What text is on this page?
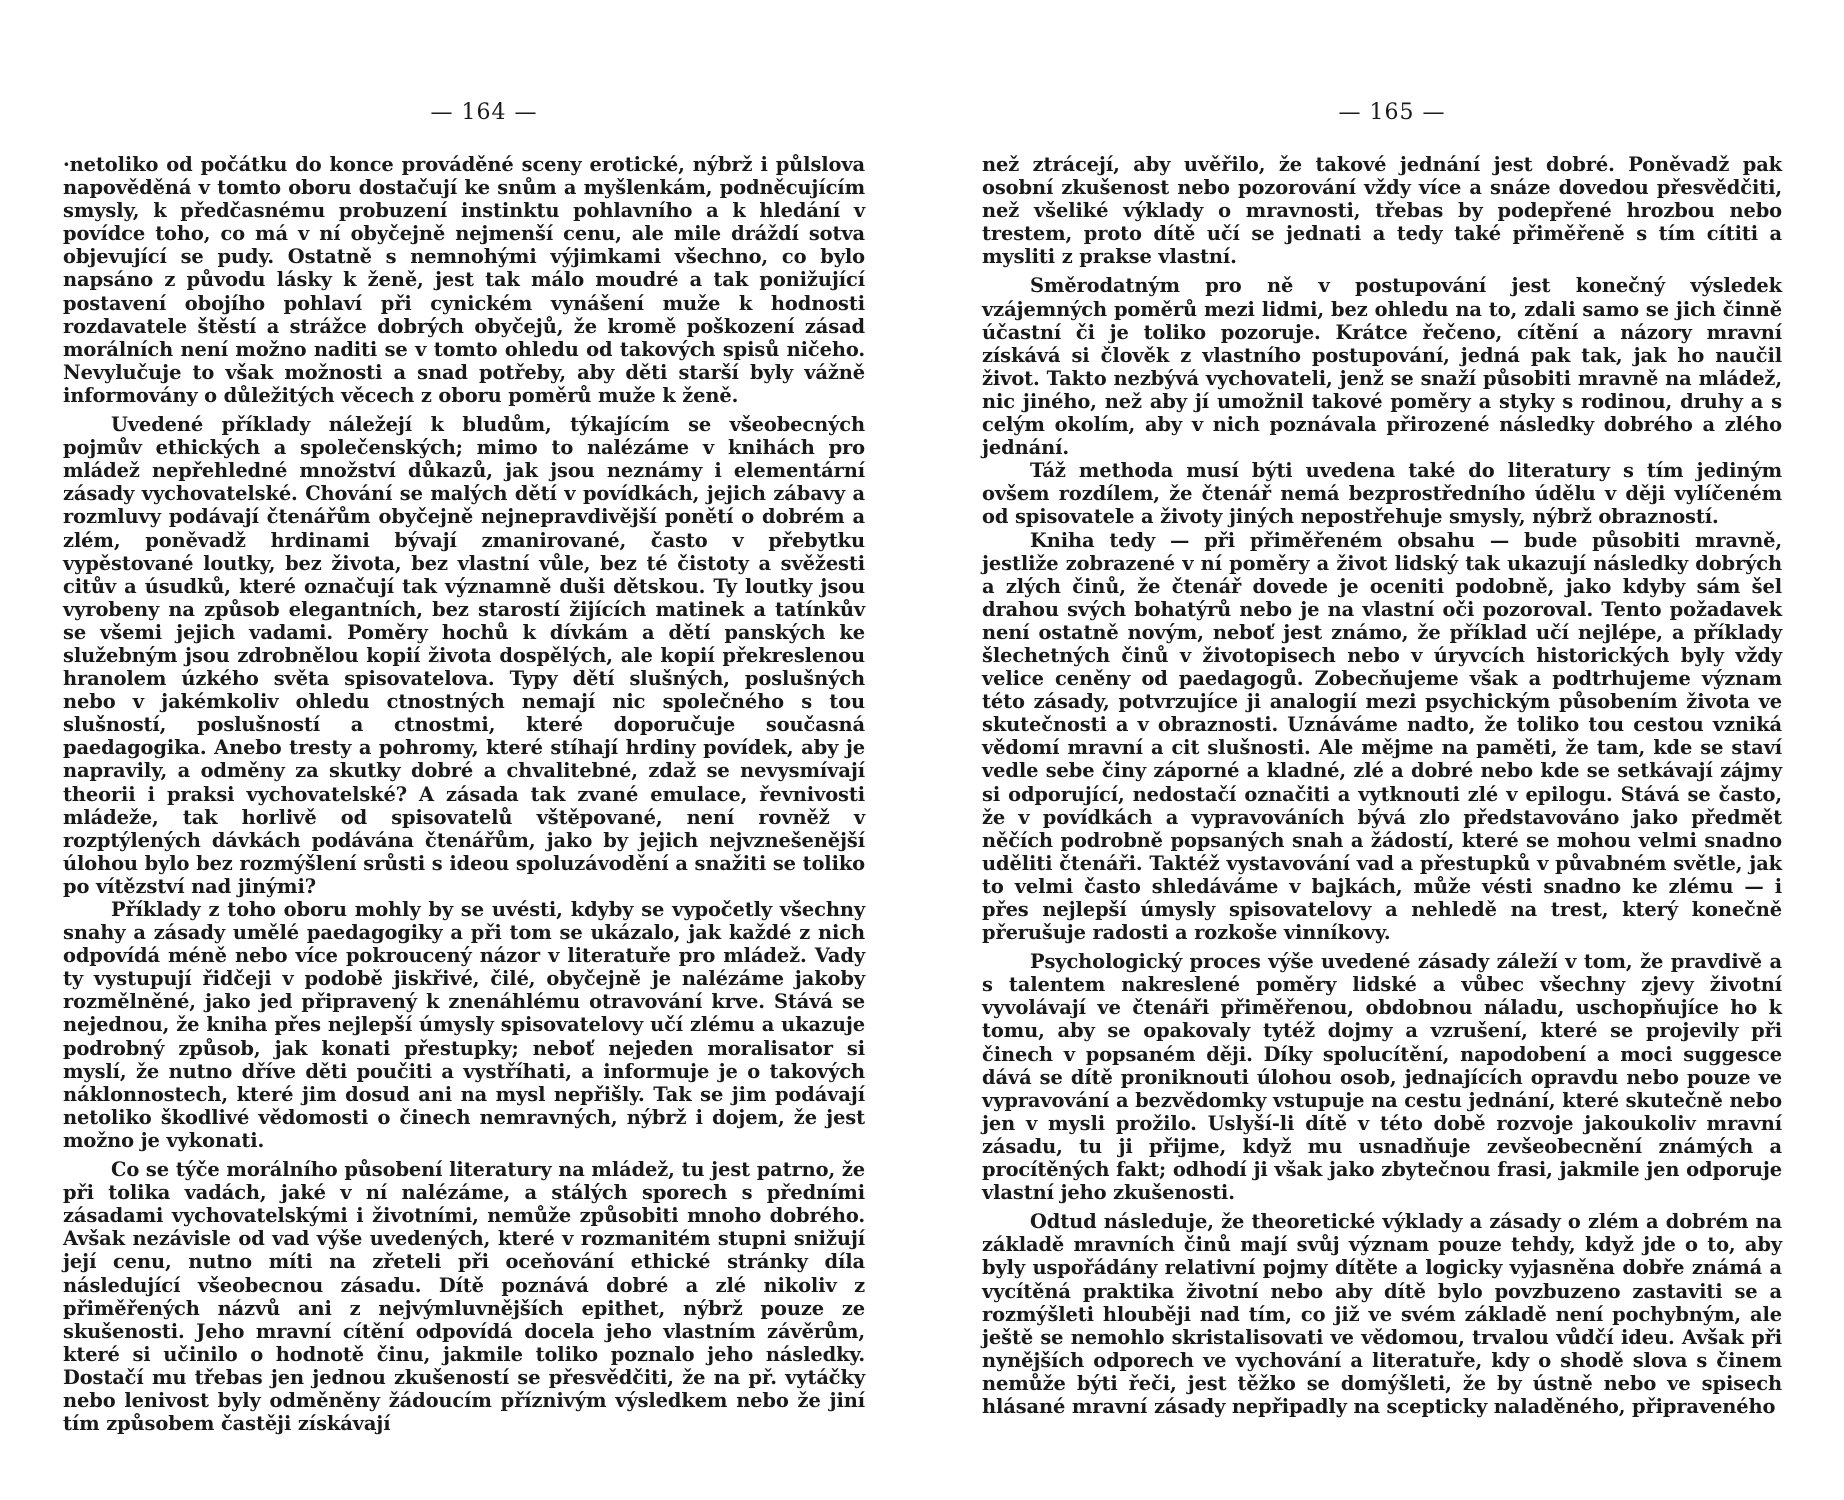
— 164 —

·netoliko od počátku do konce prováděné sceny erotické, nýbrž i půlslova napověděná v tomto oboru dostačují ke snům a myšlenkám, podněcujícím smysly, k předčasnému probuzení instinktu pohlavního a k hledání v povídce toho, co má v ní obyčejně nejmenší cenu, ale mile dráždí sotva objevující se pudy. Ostatně s nemnohými výjimkami všechno, co bylo napsáno z původu lásky k ženě, jest tak málo moudré a tak ponižující postavení obojího pohlaví při cynickém vynášení muže k hodnosti rozdavatele štěstí a strážce dobrých obyčejů, že kromě poškození zásad morálních není možno naditi se v tomto ohledu od takových spisů ničeho. Nevylučuje to však možnosti a snad potřeby, aby děti starší byly vážně informovány o důležitých věcech z oboru poměrů muže k ženě.

Uvedené příklady náležejí k bludům, týkajícím se všeobecných pojmův ethických a společenských; mimo to nalézáme v knihách pro mládež nepřehledné množství důkazů, jak jsou neznámy i elementární zásady vychovatelské. Chování se malých dětí v povídkách, jejich zábavy a rozmluvy podávají čtenářům obyčejně nejnepravdivější ponětí o dobrém a zlém, poněvadž hrdinami bývají zmanirované, často v přebytku vypěstované loutky, bez života, bez vlastní vůle, bez té čistoty a svěžesti citův a úsudků, které označují tak významně duši dětskou. Ty loutky jsou vyrobeny na způsob elegantních, bez starostí žijících matinek a tatínkův se všemi jejich vadami. Poměry hochů k dívkám a dětí panských ke služebným jsou zdrobnělou kopií života dospělých, ale kopií překreslenou hranolem úzkého světa spisovatelova. Typy dětí slušných, poslušných nebo v jakémkoliv ohledu ctnostných nemají nic společného s tou slušností, poslušností a ctnostmi, které doporučuje současná paedagogika. Anebo tresty a pohromy, které stíhají hrdiny povídek, aby je napravily, a odměny za skutky dobré a chvalitebné, zdaž se nevysmívají theorii i praksi vychovatelské? A zásada tak zvané emulace, řevnivosti mládeže, tak horlivě od spisovatelů vštěpované, není rovněž v rozptýlených dávkách podávána čtenářům, jako by jejich nejvznešenější úlohou bylo bez rozmýšlení srůsti s ideou spoluzávodění a snažiti se toliko po vítězství nad jinými?

Příklady z toho oboru mohly by se uvésti, kdyby se vypočetly všechny snahy a zásady umělé paedagogiky a při tom se ukázalo, jak každé z nich odpovídá méně nebo více pokroucený názor v literatuře pro mládež. Vady ty vystupují řidčeji v podobě jiskřivé, čilé, obyčejně je nalézáme jakoby rozmělněné, jako jed připravený k znenáhlému otravování krve. Stává se nejednou, že kniha přes nejlepší úmysly spisovatelovy učí zlému a ukazuje podrobný způsob, jak konati přestupky; neboť nejeden moralisator si myslí, že nutno dříve děti poučiti a vystříhati, a informuje je o takových náklonnostech, které jim dosud ani na mysl nepřišly. Tak se jim podávají netoliko škodlivé vědomosti o činech nemravných, nýbrž i dojem, že jest možno je vykonati.

Co se týče morálního působení literatury na mládež, tu jest patrno, že při tolika vadách, jaké v ní nalézáme, a stálých sporech s předními zásadami vychovatelskými i životními, nemůže způsobiti mnoho dobrého. Avšak nezávisle od vad výše uvedených, které v rozmanitém stupni snižují její cenu, nutno míti na zřeteli při oceňování ethické stránky díla následující všeobecnou zásadu. Dítě poznává dobré a zlé nikoliv z přiměřených názvů ani z nejvýmluvnějších epithet, nýbrž pouze ze skušenosti. Jeho mravní cítění odpovídá docela jeho vlastním závěrům, které si učinilo o hodnotě činu, jakmile toliko poznalo jeho následky. Dostačí mu třebas jen jednou zkušeností se přesvědčiti, že na př. vytáčky nebo lenivost byly odměněny žádoucím příznivým výsledkem nebo že jiní tím způsobem častěji získávají

— 165 —

než ztrácejí, aby uvěřilo, že takové jednání jest dobré. Poněvadž pak osobní zkušenost nebo pozorování vždy více a snáze dovedou přesvědčiti, než všeliké výklady o mravnosti, třebas by podepřené hrozbou nebo trestem, proto dítě učí se jednati a tedy také přiměřeně s tím cítiti a mysliti z prakse vlastní.

Směrodatným pro ně v postupování jest konečný výsledek vzájemných poměrů mezi lidmi, bez ohledu na to, zdali samo se jich činně účastní či je toliko pozoruje. Krátce řečeno, cítění a názory mravní získává si člověk z vlastního postupování, jedná pak tak, jak ho naučil život. Takto nezbývá vychovateli, jenž se snaží působiti mravně na mládež, nic jiného, než aby jí umožnil takové poměry a styky s rodinou, druhy a s celým okolím, aby v nich poznávala přirozené následky dobrého a zlého jednání.

Táž methoda musí býti uvedena také do literatury s tím jediným ovšem rozdílem, že čtenář nemá bezprostředního údělu v ději vylíčeném od spisovatele a životy jiných nepostřehuje smysly, nýbrž obrazností.

Kniha tedy — při přiměřeném obsahu — bude působiti mravně, jestliže zobrazené v ní poměry a život lidský tak ukazují následky dobrých a zlých činů, že čtenář dovede je oceniti podobně, jako kdyby sám šel drahou svých bohatýrů nebo je na vlastní oči pozoroval. Tento požadavek není ostatně novým, neboť jest známo, že příklad učí nejlépe, a příklady šlechetných činů v životopisech nebo v úryvcích historických byly vždy velice ceněny od paedagogů. Zobecňujeme však a podtrhujeme význam této zásady, potvrzujíce ji analogií mezi psychickým působením života ve skutečnosti a v obraznosti. Uznáváme nadto, že toliko tou cestou vzniká vědomí mravní a cit slušnosti. Ale mějme na paměti, že tam, kde se staví vedle sebe činy záporné a kladné, zlé a dobré nebo kde se setkávají zájmy si odporující, nedostačí označiti a vytknouti zlé v epilogu. Stává se často, že v povídkách a vypravováních bývá zlo představováno jako předmět něčích podrobně popsaných snah a žádostí, které se mohou velmi snadno uděliti čtenáři. Taktéž vystavování vad a přestupků v půvabném světle, jak to velmi často shledáváme v bajkách, může vésti snadno ke zlému — i přes nejlepší úmysly spisovatelovy a nehledě na trest, který konečně přerušuje radosti a rozkoše vinníkovy.

Psychologický proces výše uvedené zásady záleží v tom, že pravdivě a s talentem nakreslené poměry lidské a vůbec všechny zjevy životní vyvolávají ve čtenáři přiměřenou, obdobnou náladu, uschopňujíce ho k tomu, aby se opakovaly tytéž dojmy a vzrušení, které se projevily při činech v popsaném ději. Díky spolucítění, napodobení a moci suggesce dává se dítě proniknouti úlohou osob, jednajících opravdu nebo pouze ve vypravování a bezvědomky vstupuje na cestu jednání, které skutečně nebo jen v mysli prožilo. Uslyší-li dítě v této době rozvoje jakoukoliv mravní zásadu, tu ji přijme, když mu usnadňuje zevšeobecnění známých a procítěných fakt; odhodí ji však jako zbytečnou frasi, jakmile jen odporuje vlastní jeho zkušenosti.

Odtud následuje, že theoretické výklady a zásady o zlém a dobrém na základě mravních činů mají svůj význam pouze tehdy, když jde o to, aby byly uspořádány relativní pojmy dítěte a logicky vyjasněna dobře známá a vycítěná praktika životní nebo aby dítě bylo povzbuzeno zastaviti se a rozmýšleti hlouběji nad tím, co již ve svém základě není pochybným, ale ještě se nemohlo skristalisovati ve vědomou, trvalou vůdčí ideu. Avšak při nynějších odporech ve vychování a literatuře, kdy o shodě slova s činem nemůže býti řeči, jest těžko se domýšleti, že by ústně nebo ve spisech hlásané mravní zásady nepřipadly na scepticky naladěného, připraveného
